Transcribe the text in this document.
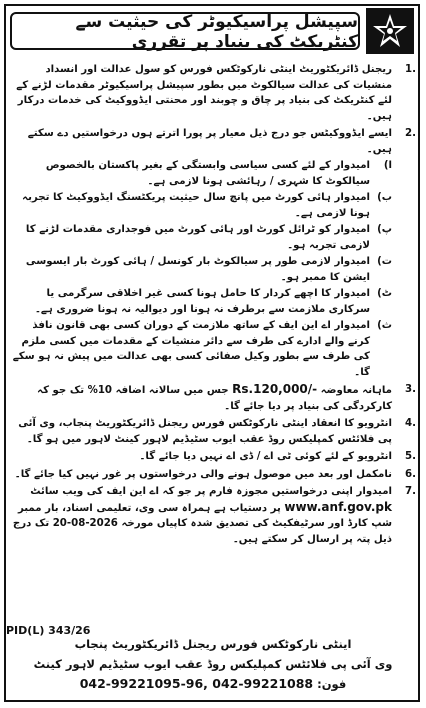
سپیشل پراسیکیوٹر کی حیثیت سے کنٹریکٹ کی بنیاد پر تقرری
1.

ریجنل ڈائریکٹوریٹ اینٹی نارکوٹکس فورس کو سول عدالت اور انسداد منشیات کی عدالت سیالکوٹ میں بطور سپیشل پراسیکیوٹر مقدمات لڑنے کے لئے کنٹریکٹ کی بنیاد پر چاق و چوبند اور محنتی ایڈووکیٹ کی خدمات درکار ہیں۔

2.

ایسے ایڈووکیٹس جو درج ذیل معیار پر پورا اترتے ہوں درخواستیں دے سکتے ہیں۔

ا)

امیدوار کے لئے کسی سیاسی وابستگی کے بغیر پاکستان بالخصوص سیالکوٹ کا شہری / رہائشی ہونا لازمی ہے۔

ب)

امیدوار ہائی کورٹ میں پانچ سال حیثیت پریکٹسنگ ایڈووکیٹ کا تجربہ ہونا لازمی ہے۔

پ)

امیدوار کو ٹرائل کورٹ اور ہائی کورٹ میں فوجداری مقدمات لڑنے کا لازمی تجربہ ہو۔

ت)

امیدوار لازمی طور پر سیالکوٹ بار کونسل / ہائی کورٹ بار ایسوسی ایشن کا ممبر ہو۔

ٹ)

امیدوار کا اچھے کردار کا حامل ہونا کسی غیر اخلاقی سرگرمی یا سرکاری ملازمت سے برطرف نہ ہونا اور دیوالیہ نہ ہونا ضروری ہے۔

ث)

امیدوار اے این ایف کے ساتھ ملازمت کے دوران کسی بھی قانون نافذ کرنے والے ادارے کی طرف سے دائر منشیات کے مقدمات میں کسی ملزم کی طرف سے بطور وکیل صفائی کسی بھی عدالت میں پیش نہ ہو سکے گا۔

3.

ماہانہ معاوضہ Rs.120,000/- جس میں سالانہ اضافہ 10% تک جو کہ کارکردگی کی بنیاد پر دیا جائے گا۔

4.

انٹرویو کا انعقاد اینٹی نارکوٹکس فورس ریجنل ڈائریکٹوریٹ پنجاب، وی آئی پی فلائٹس کمپلیکس روڈ عقب ایوب سٹیڈیم لاہور کینٹ لاہور میں ہو گا۔

5.

انٹرویو کے لئے کوئی ٹی اے / ڈی اے نہیں دیا جائے گا۔

6.

نامکمل اور بعد میں موصول ہونے والی درخواستوں پر غور نہیں کیا جائے گا۔

7.

امیدوار اپنی درخواستیں مجوزہ فارم پر جو کہ اے این ایف کی ویب سائٹ www.anf.gov.pk پر دستیاب ہے ہمراہ سی وی، تعلیمی اسناد، بار ممبر شپ کارڈ اور سرٹیفکیٹ کی تصدیق شدہ کاپیاں مورخہ 2026-08-20 تک درج ذیل پتہ پر ارسال کر سکتے ہیں۔

PID(L) 343/26
اینٹی نارکوٹکس فورس ریجنل ڈائریکٹوریٹ پنجاب
وی آئی پی فلائٹس کمپلیکس روڈ عقب ایوب سٹیڈیم لاہور کینٹ
فون: 042-99221095-96, 042-99221088
